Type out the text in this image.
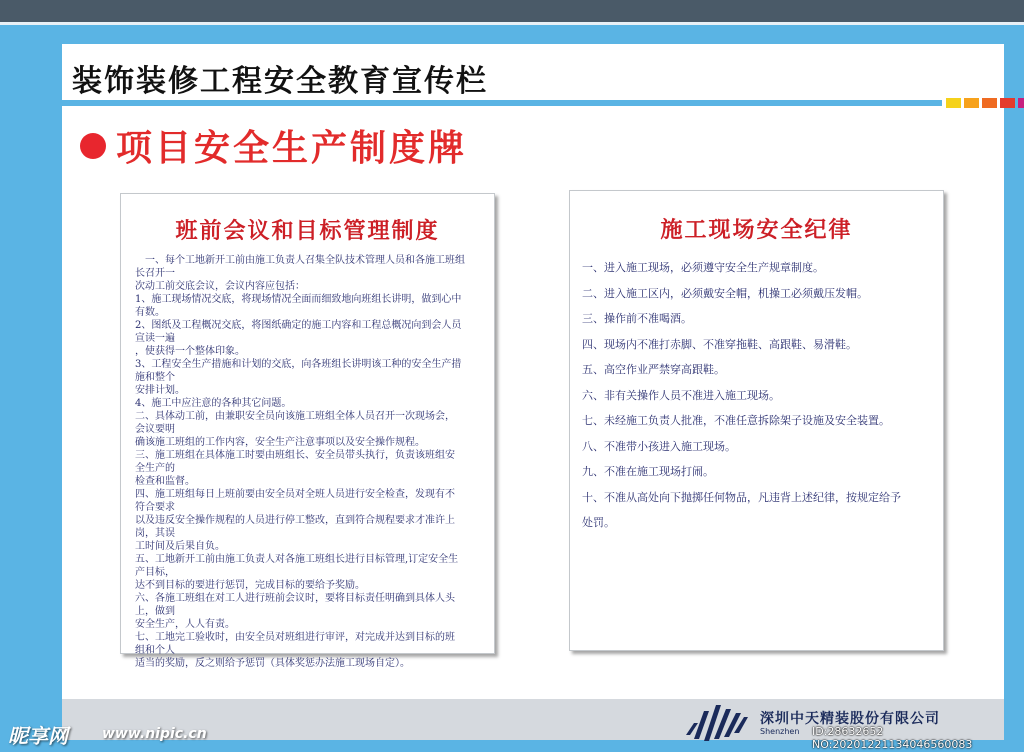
装饰装修工程安全教育宣传栏
项目安全生产制度牌
班前会议和目标管理制度
　一、每个工地新开工前由施工负责人召集全队技术管理人员和各施工班组
长召开一
次动工前交底会议，会议内容应包括：
1、施工现场情况交底，将现场情况全面而细致地向班组长讲明，做到心中
有数。
2、图纸及工程概况交底，将图纸确定的施工内容和工程总概况向到会人员
宣读一遍
，使获得一个整体印象。
3、工程安全生产措施和计划的交底，向各班组长讲明该工种的安全生产措
施和整个
安排计划。
4、施工中应注意的各种其它问题。
二、具体动工前，由兼职安全员向该施工班组全体人员召开一次现场会，
会议要明
确该施工班组的工作内容，安全生产注意事项以及安全操作规程。
三、施工班组在具体施工时要由班组长、安全员带头执行，负责该班组安
全生产的
检查和监督。
四、施工班组每日上班前要由安全员对全班人员进行安全检查，发现有不
符合要求
以及违反安全操作规程的人员进行停工整改，直到符合规程要求才准许上
岗，其误
工时间及后果自负。
五、工地新开工前由施工负责人对各施工班组长进行目标管理,订定安全生
产目标，
达不到目标的要进行惩罚，完成目标的要给予奖励。
六、各施工班组在对工人进行班前会议时，要将目标责任明确到具体人头
上，做到
安全生产，人人有责。
七、工地完工验收时，由安全员对班组进行审评，对完成并达到目标的班
组和个人
适当的奖励，反之则给予惩罚（具体奖惩办法施工现场自定）。
施工现场安全纪律
一、进入施工现场，必须遵守安全生产规章制度。
二、进入施工区内，必须戴安全帽，机操工必须戴压发帽。
三、操作前不准喝酒。
四、现场内不准打赤脚、不准穿拖鞋、高跟鞋、易滑鞋。
五、高空作业严禁穿高跟鞋。
六、非有关操作人员不准进入施工现场。
七、未经施工负责人批准，不准任意拆除架子设施及安全装置。
八、不准带小孩进入施工现场。
九、不准在施工现场打闹。
十、不准从高处向下抛掷任何物品，凡违背上述纪律，按规定给予
处罚。
深圳中天精装股份有限公司
Shenzhen ID:28632652 NO:20201221134046560083
昵享网 www.nipic.cn
